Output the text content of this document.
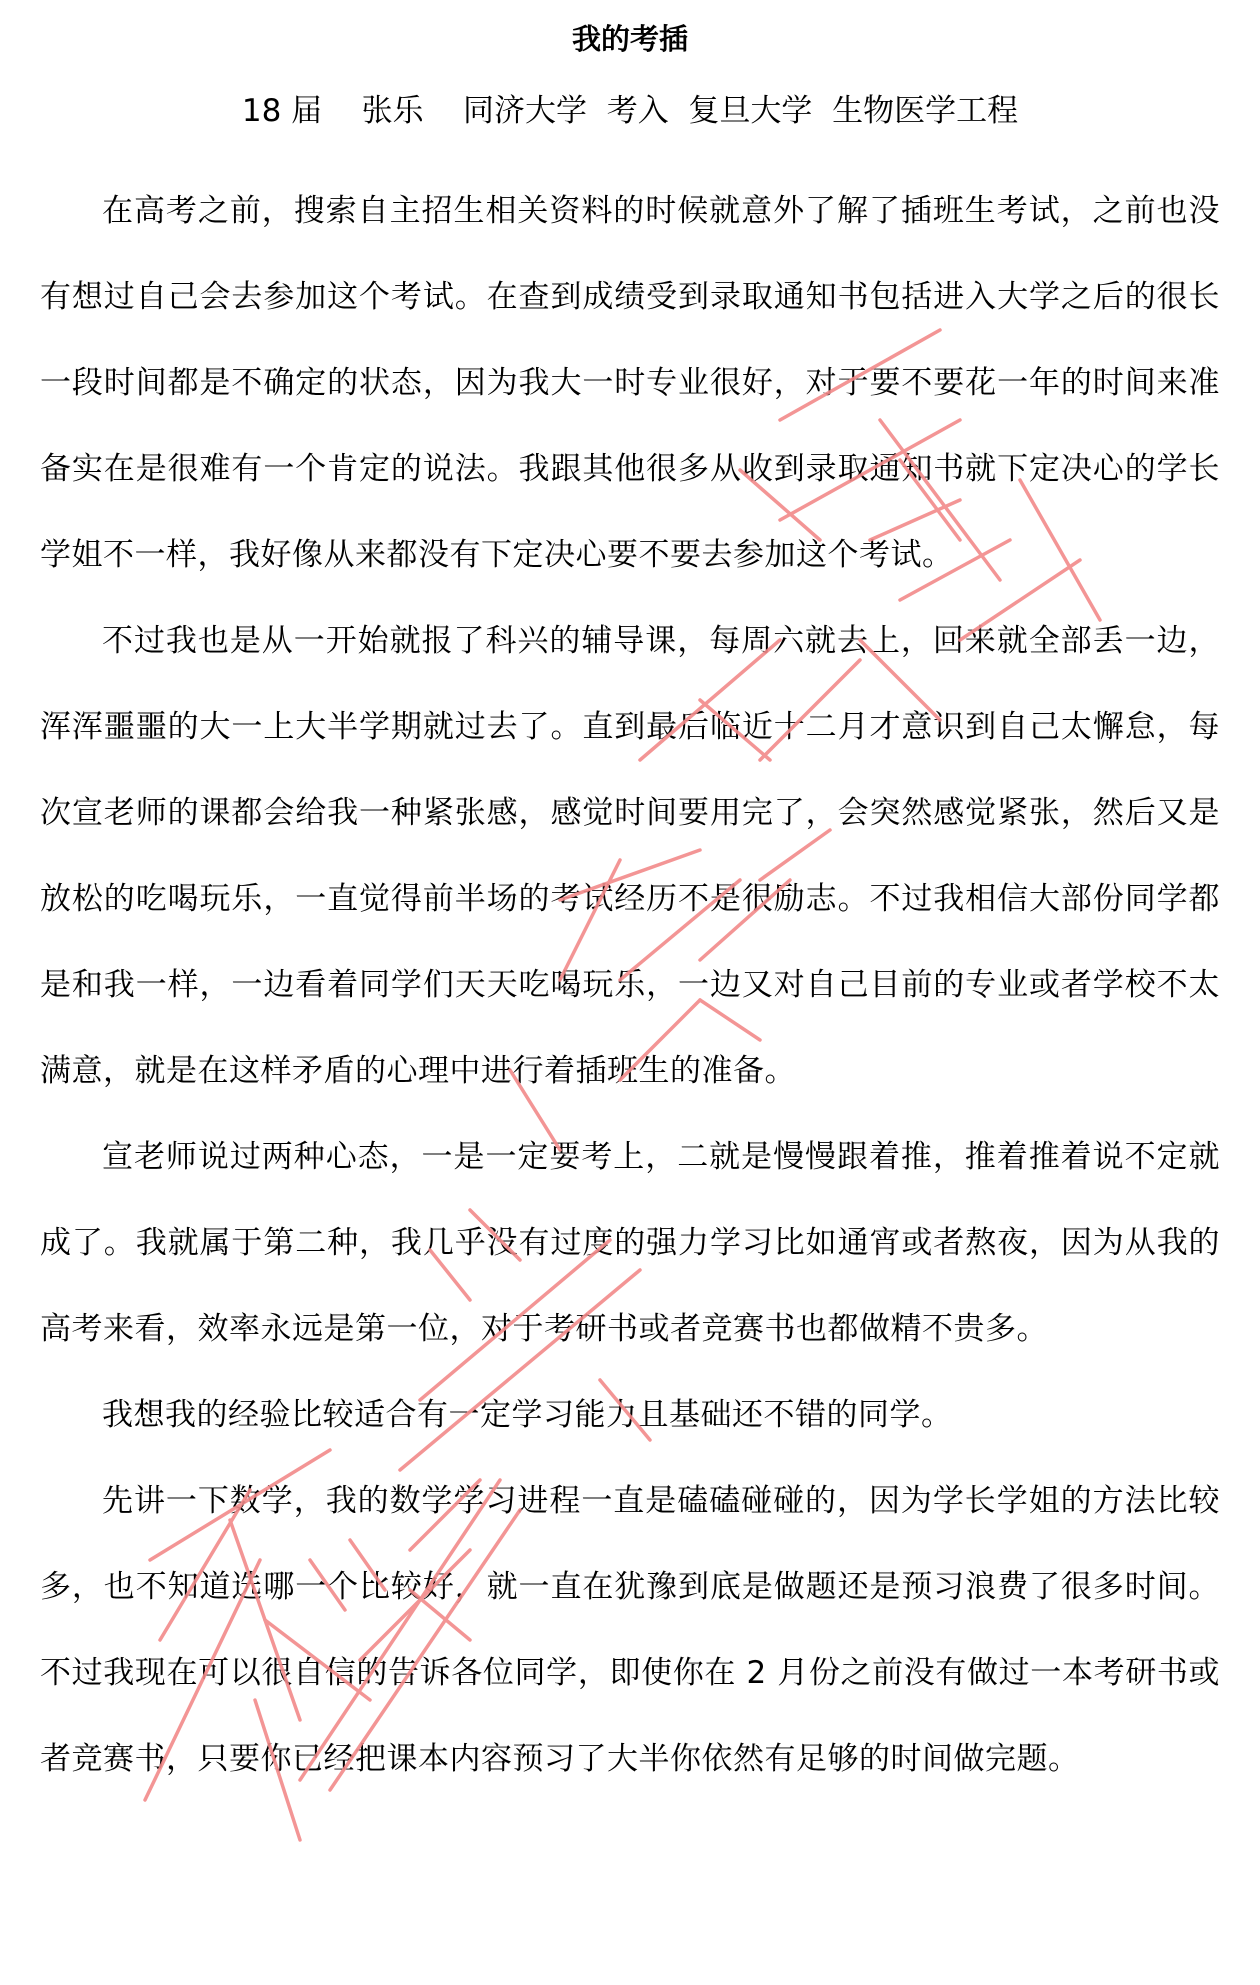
我的考插
18 届    张乐    同济大学  考入  复旦大学  生物医学工程

在高考之前，搜索自主招生相关资料的时候就意外了解了插班生考试，之前也没有想过自己会去参加这个考试。在查到成绩受到录取通知书包括进入大学之后的很长一段时间都是不确定的状态，因为我大一时专业很好，对于要不要花一年的时间来准备实在是很难有一个肯定的说法。我跟其他很多从收到录取通知书就下定决心的学长学姐不一样，我好像从来都没有下定决心要不要去参加这个考试。

不过我也是从一开始就报了科兴的辅导课，每周六就去上，回来就全部丢一边，浑浑噩噩的大一上大半学期就过去了。直到最后临近十二月才意识到自己太懈怠，每次宣老师的课都会给我一种紧张感，感觉时间要用完了，会突然感觉紧张，然后又是放松的吃喝玩乐，一直觉得前半场的考试经历不是很励志。不过我相信大部份同学都是和我一样，一边看着同学们天天吃喝玩乐，一边又对自己目前的专业或者学校不太满意，就是在这样矛盾的心理中进行着插班生的准备。

宣老师说过两种心态，一是一定要考上，二就是慢慢跟着推，推着推着说不定就成了。我就属于第二种，我几乎没有过度的强力学习比如通宵或者熬夜，因为从我的高考来看，效率永远是第一位，对于考研书或者竞赛书也都做精不贵多。

我想我的经验比较适合有一定学习能力且基础还不错的同学。

先讲一下数学，我的数学学习进程一直是磕磕碰碰的，因为学长学姐的方法比较多，也不知道选哪一个比较好，就一直在犹豫到底是做题还是预习浪费了很多时间。不过我现在可以很自信的告诉各位同学，即使你在 2 月份之前没有做过一本考研书或者竞赛书，只要你已经把课本内容预习了大半你依然有足够的时间做完题。
